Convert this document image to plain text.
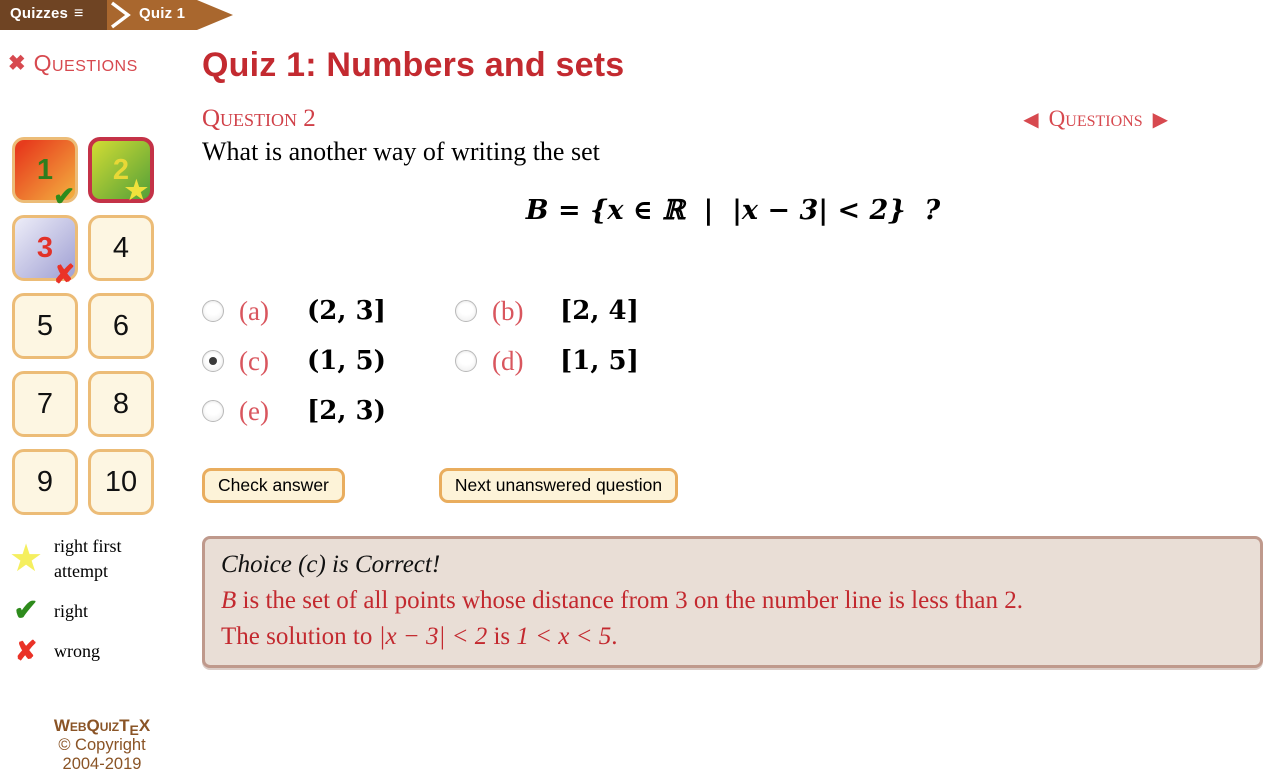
Quizzes ≡	Quiz 1
✖ Questions
1
✔
2
★
3
✘
4
5 6
7 8
9 10
★ right first attempt
✔ right
✘ wrong
WebQuizTEX
© Copyright
2004-2019
Quiz 1: Numbers and sets
Question 2	◀ Questions ▶
What is another way of writing the set
B = {x ∈ ℝ  |  |x − 3| < 2}  ?
(a)	(2, 3]	(b)	[2, 4]
(c)	(1, 5)	(d)	[1, 5]
(e)	[2, 3)
Check answer	Next unanswered question
Choice (c) is Correct!
B is the set of all points whose distance from 3 on the number line is less than 2.
The solution to |x − 3| < 2 is 1 < x < 5.
